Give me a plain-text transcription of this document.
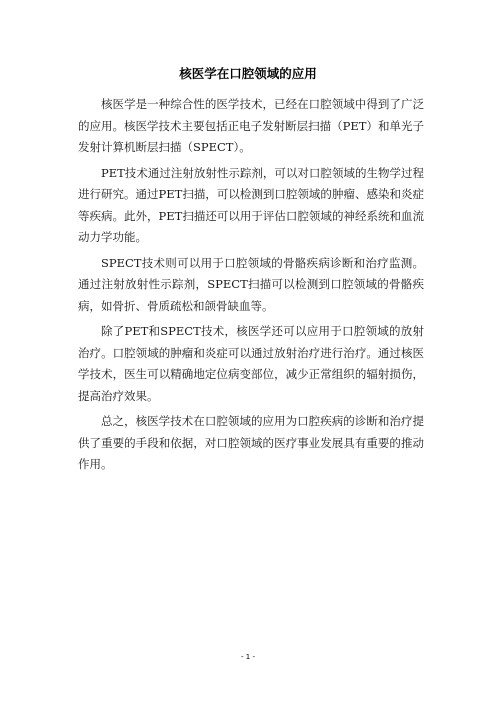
核医学在口腔领域的应用

核医学是一种综合性的医学技术，已经在口腔领域中得到了广泛的应用。核医学技术主要包括正电子发射断层扫描（PET）和单光子发射计算机断层扫描（SPECT）。

PET技术通过注射放射性示踪剂，可以对口腔领域的生物学过程进行研究。通过PET扫描，可以检测到口腔领域的肿瘤、感染和炎症等疾病。此外，PET扫描还可以用于评估口腔领域的神经系统和血流动力学功能。

SPECT技术则可以用于口腔领域的骨骼疾病诊断和治疗监测。通过注射放射性示踪剂，SPECT扫描可以检测到口腔领域的骨骼疾病，如骨折、骨质疏松和颌骨缺血等。

除了PET和SPECT技术，核医学还可以应用于口腔领域的放射治疗。口腔领域的肿瘤和炎症可以通过放射治疗进行治疗。通过核医学技术，医生可以精确地定位病变部位，减少正常组织的辐射损伤，提高治疗效果。

总之，核医学技术在口腔领域的应用为口腔疾病的诊断和治疗提供了重要的手段和依据，对口腔领域的医疗事业发展具有重要的推动作用。

- 1 -
